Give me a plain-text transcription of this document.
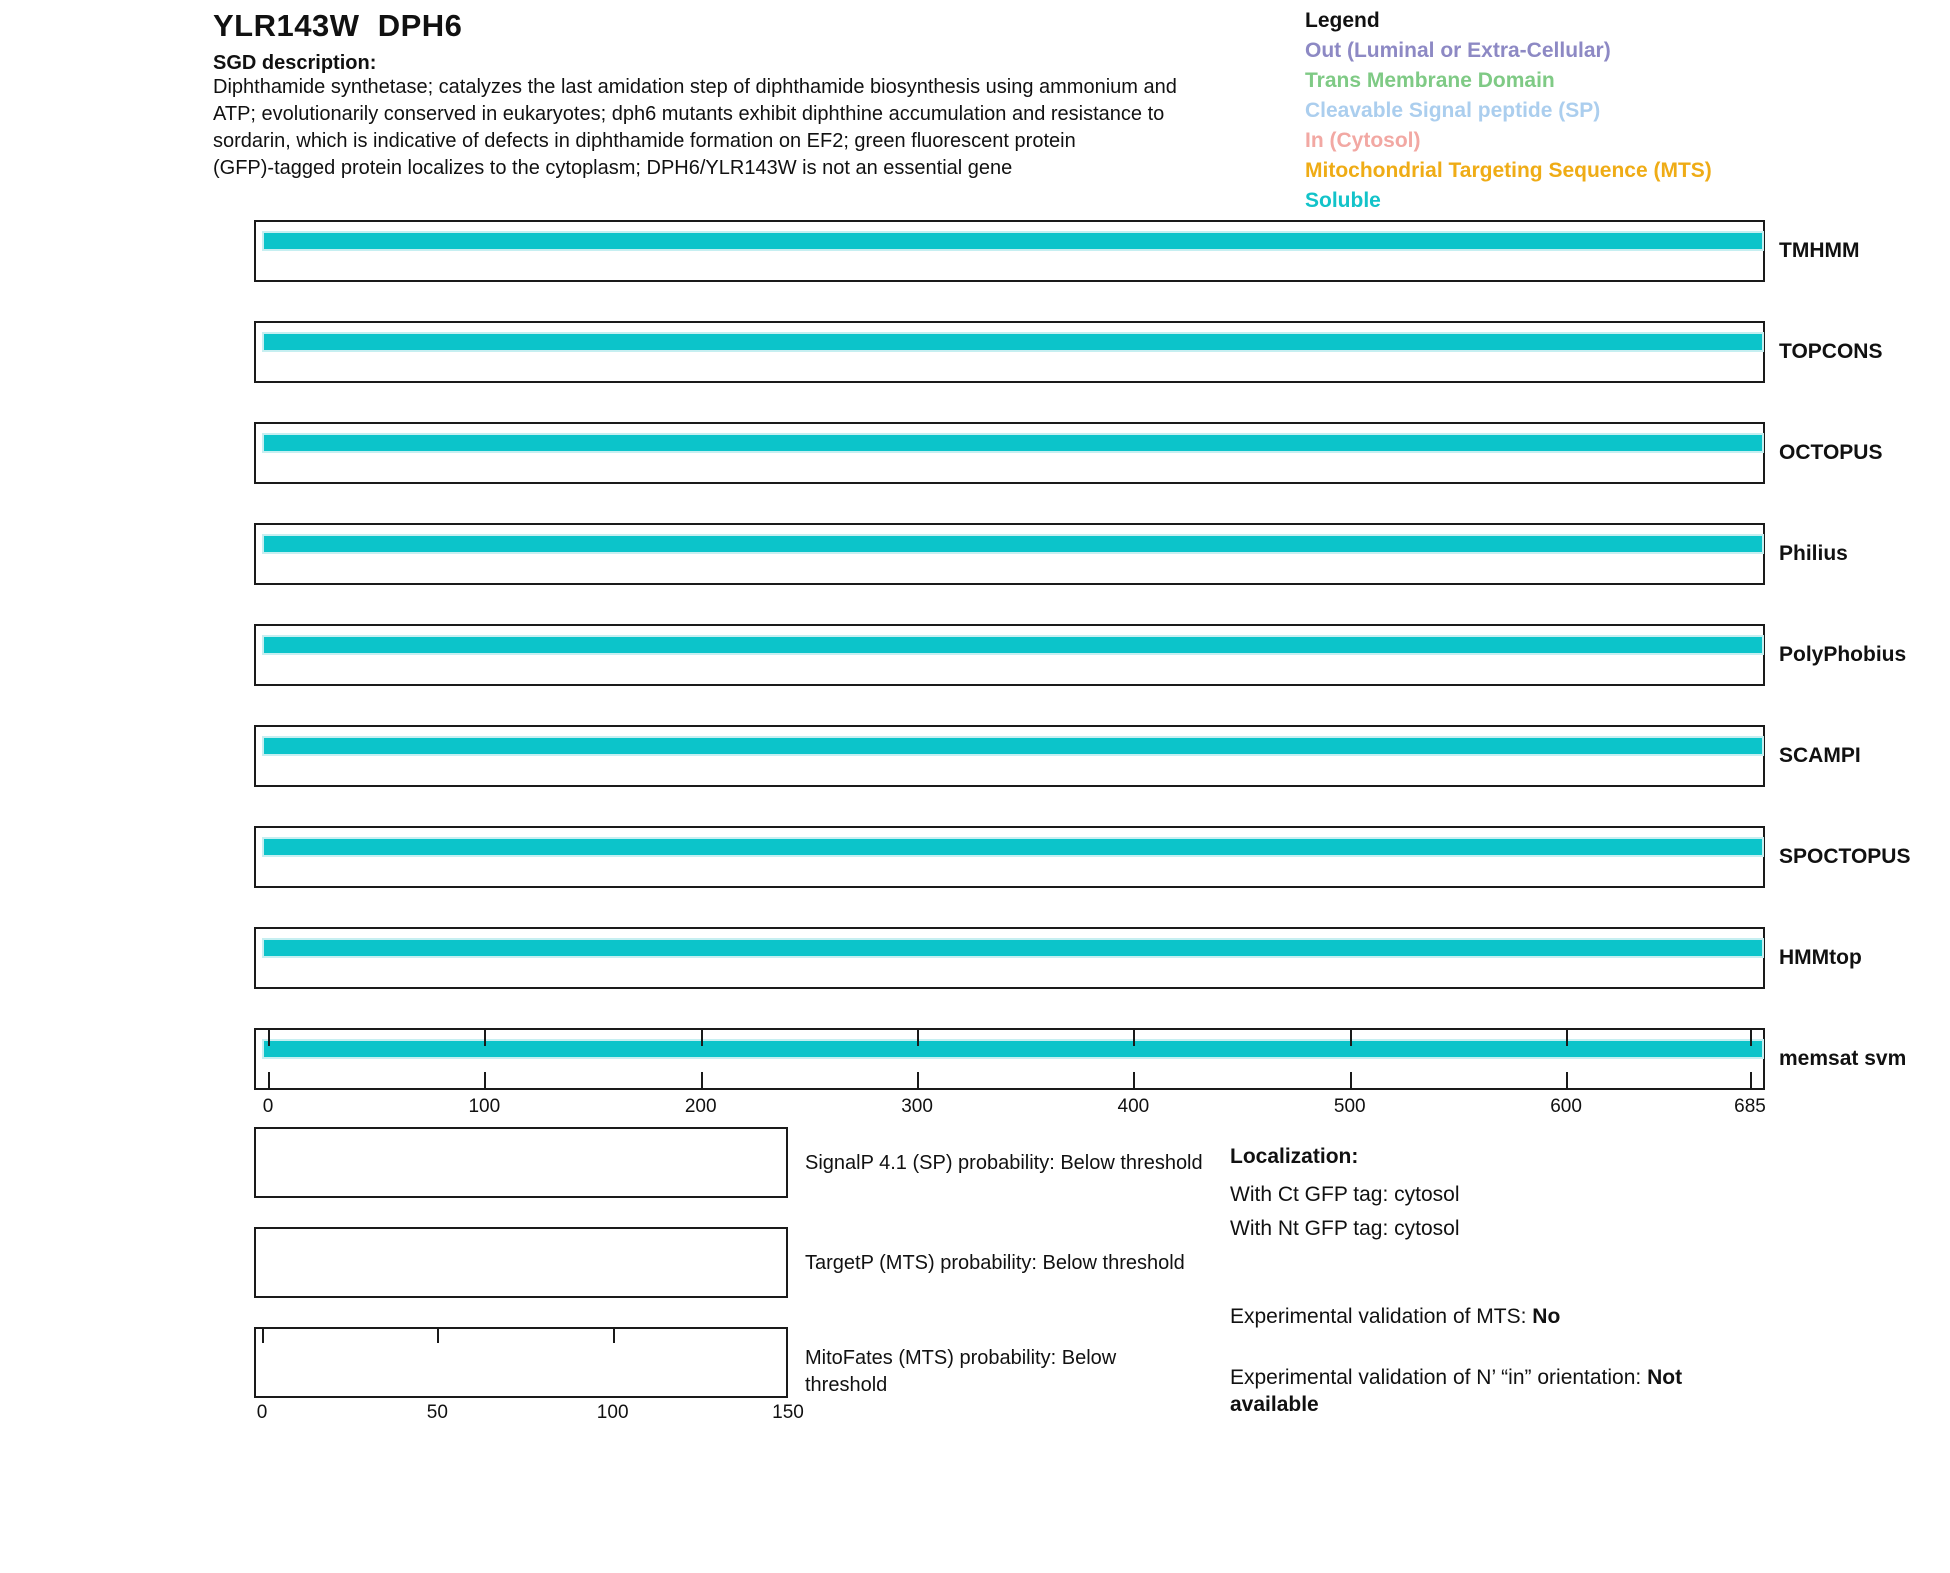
YLR143W  DPH6
SGD description:
Diphthamide synthetase; catalyzes the last amidation step of diphthamide biosynthesis using ammonium and
ATP; evolutionarily conserved in eukaryotes; dph6 mutants exhibit diphthine accumulation and resistance to
sordarin, which is indicative of defects in diphthamide formation on EF2; green fluorescent protein
(GFP)-tagged protein localizes to the cytoplasm; DPH6/YLR143W is not an essential gene
Legend
Out (Luminal or Extra-Cellular)
Trans Membrane Domain
Cleavable Signal peptide (SP)
In (Cytosol)
Mitochondrial Targeting Sequence (MTS)
Soluble
TMHMM
TOPCONS
OCTOPUS
Philius
PolyPhobius
SCAMPI
SPOCTOPUS
HMMtop
memsat svm
0	100	200	300	400	500	600	685
0	50	100	150
SignalP 4.1 (SP) probability: Below threshold
TargetP (MTS) probability: Below threshold
MitoFates (MTS) probability: Below
threshold
Localization:
With Ct GFP tag: cytosol
With Nt GFP tag: cytosol
Experimental validation of MTS: No
Experimental validation of N’ “in” orientation: Not
available
